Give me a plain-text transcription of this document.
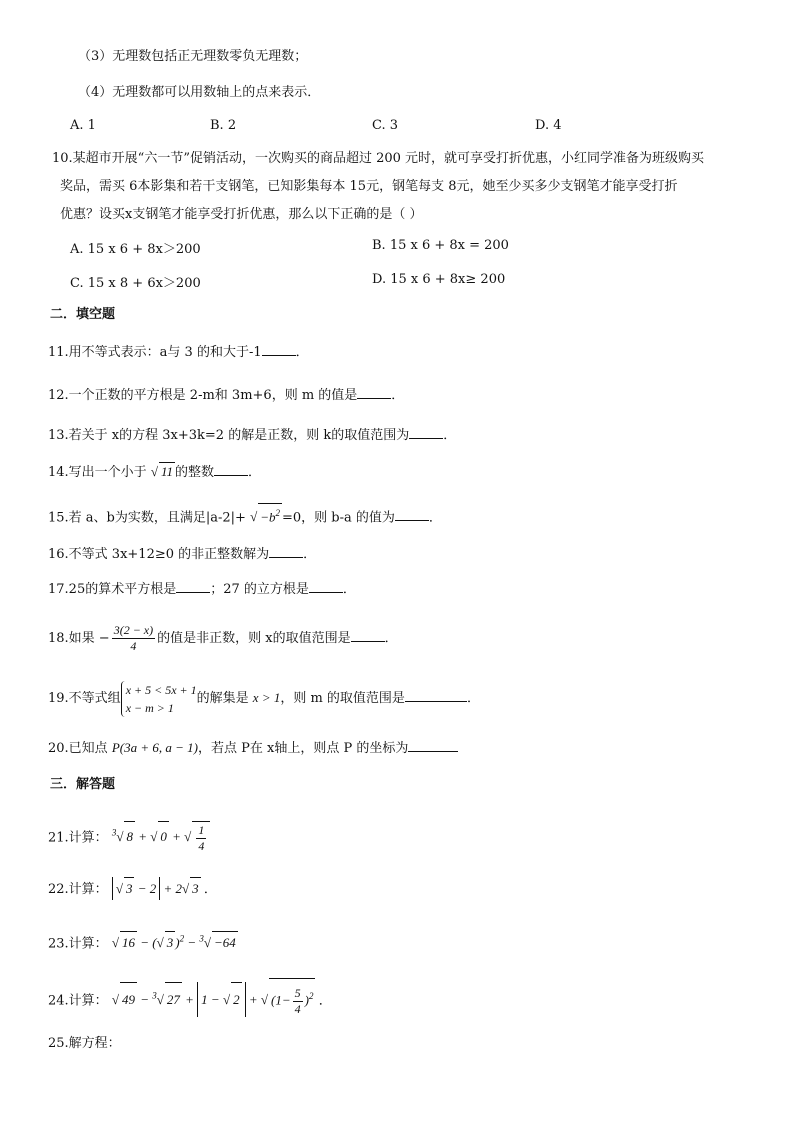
（3）无理数包括正无理数零负无理数；
（4）无理数都可以用数轴上的点来表示．
A. 1	B. 2	C. 3	D. 4
10.某超市开展“六一节”促销活动，一次购买的商品超过 200 元时，就可享受打折优惠，小红同学准备为班级购买
奖品，需买 6本影集和若干支钢笔，已知影集每本 15元，钢笔每支 8元，她至少买多少支钢笔才能享受打折
优惠？设买x支钢笔才能享受打折优惠，那么以下正确的是（ ）
A. 15 x 6 + 8x＞200	B. 15 x 6 + 8x = 200
C. 15 x 8 + 6x＞200	D. 15 x 6 + 8x≥ 200
二．填空题
11.用不等式表示：a与 3 的和大于-1	．
12.一个正数的平方根是 2-m和 3m+6，则 m 的值是	．
13.若关于 x的方程 3x+3k=2 的解是正数，则 k的取值范围为	．
14.写出一个小于 √ 11 的整数	．
15.若 a、b为实数，且满足|a-2|+ √ $-b^2 =0$，则 b-a 的值为	．
16.不等式 3x+12≥0 的非正整数解为	．
17.25的算术平方根是	；27 的立方根是	．
18.如果 − $\frac{3(2 - x)}{4}$ 的值是非正数，则 x的取值范围是	．
19.不等式组
x + 5 < 5x + 1
x − m > 1
的解集是 x > 1，则 m 的取值范围是	．
20.已知点 P(3a + 6, a − 1)，若点 P在 x轴上，则点 P 的坐标为
三．解答题
21.计算： $^3$√ 8 + √ 0 + √ $\frac{1}{4}$
22.计算： √ 3 − 2 + 2√ 3 ．
23.计算： √ 16 − (√ 3 )$^2$ − $^3$√ −64
24.计算： √ 49 − $^3$√ 27 + 1 − √ 2 + √ $(1- \frac{5}{4} )^2$ ．
25.解方程：
